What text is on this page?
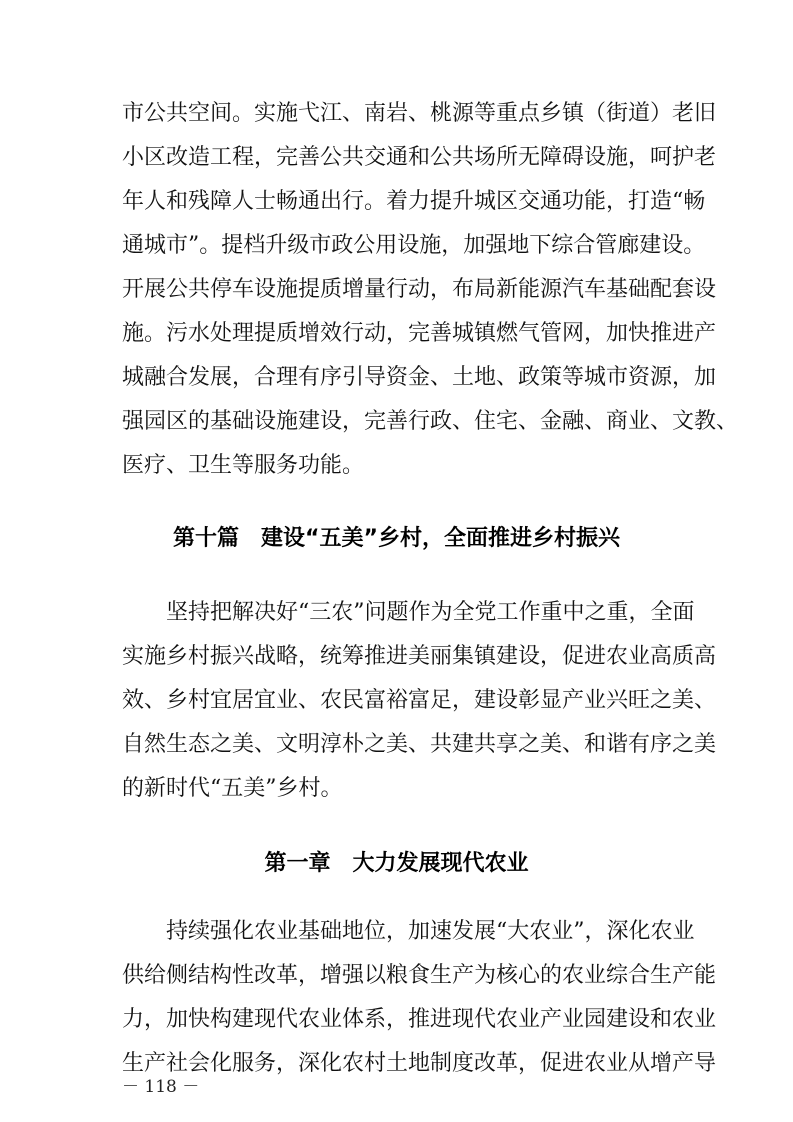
市公共空间。实施弋江、南岩、桃源等重点乡镇（街道）老旧
小区改造工程，完善公共交通和公共场所无障碍设施，呵护老
年人和残障人士畅通出行。着力提升城区交通功能，打造“畅
通城市”。提档升级市政公用设施，加强地下综合管廊建设。
开展公共停车设施提质增量行动，布局新能源汽车基础配套设
施。污水处理提质增效行动，完善城镇燃气管网，加快推进产
城融合发展，合理有序引导资金、土地、政策等城市资源，加
强园区的基础设施建设，完善行政、住宅、金融、商业、文教、
医疗、卫生等服务功能。
第十篇　建设“五美”乡村，全面推进乡村振兴
坚持把解决好“三农”问题作为全党工作重中之重，全面
实施乡村振兴战略，统筹推进美丽集镇建设，促进农业高质高
效、乡村宜居宜业、农民富裕富足，建设彰显产业兴旺之美、
自然生态之美、文明淳朴之美、共建共享之美、和谐有序之美
的新时代“五美”乡村。
第一章　大力发展现代农业
持续强化农业基础地位，加速发展“大农业”，深化农业
供给侧结构性改革，增强以粮食生产为核心的农业综合生产能
力，加快构建现代农业体系，推进现代农业产业园建设和农业
生产社会化服务，深化农村土地制度改革，促进农业从增产导
－ 118 －
